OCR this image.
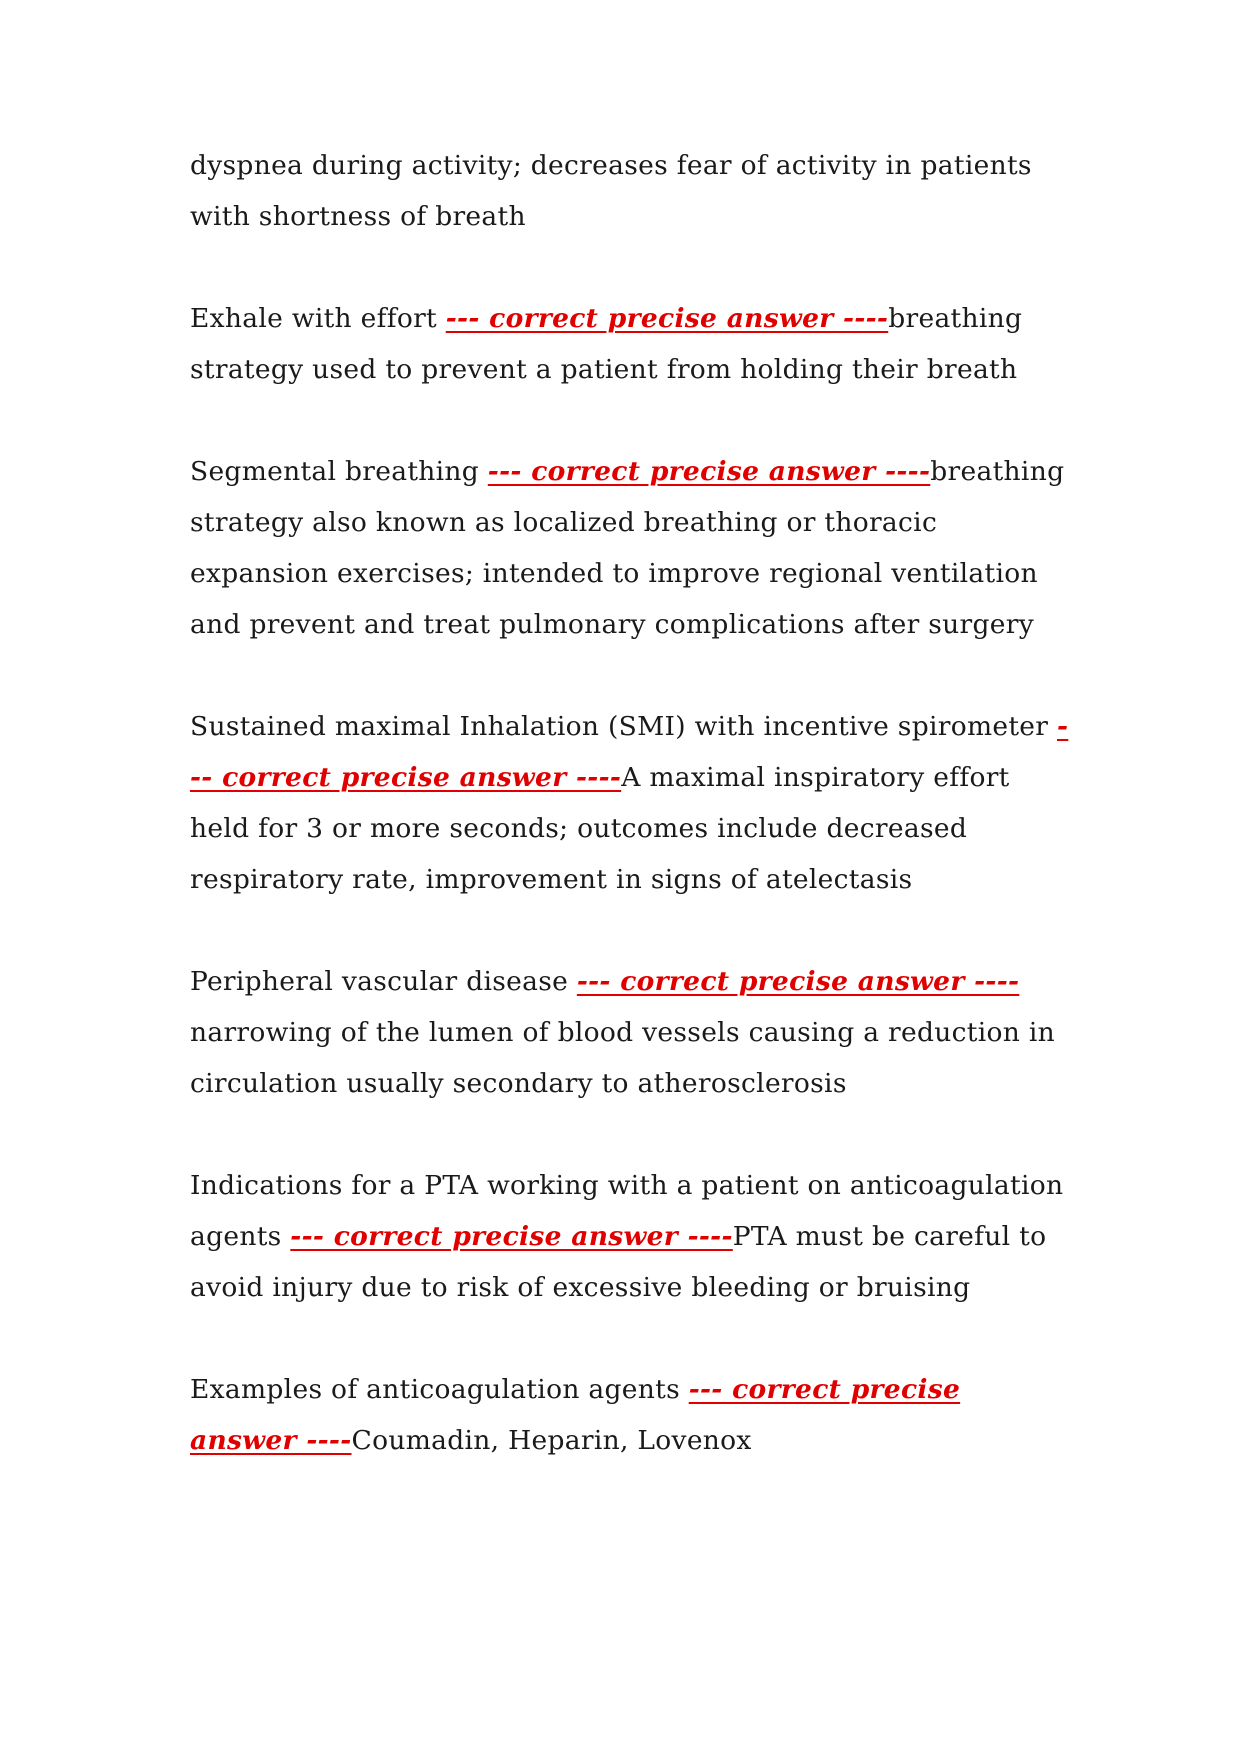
dyspnea during activity; decreases fear of activity in patients with shortness of breath

Exhale with effort --- correct precise answer ----breathing strategy used to prevent a patient from holding their breath

Segmental breathing --- correct precise answer ----breathing strategy also known as localized breathing or thoracic expansion exercises; intended to improve regional ventilation and prevent and treat pulmonary complications after surgery

Sustained maximal Inhalation (SMI) with incentive spirometer --- correct precise answer ----A maximal inspiratory effort held for 3 or more seconds; outcomes include decreased respiratory rate, improvement in signs of atelectasis

Peripheral vascular disease --- correct precise answer ----narrowing of the lumen of blood vessels causing a reduction in circulation usually secondary to atherosclerosis

Indications for a PTA working with a patient on anticoagulation agents --- correct precise answer ----PTA must be careful to avoid injury due to risk of excessive bleeding or bruising

Examples of anticoagulation agents --- correct precise answer ----Coumadin, Heparin, Lovenox
